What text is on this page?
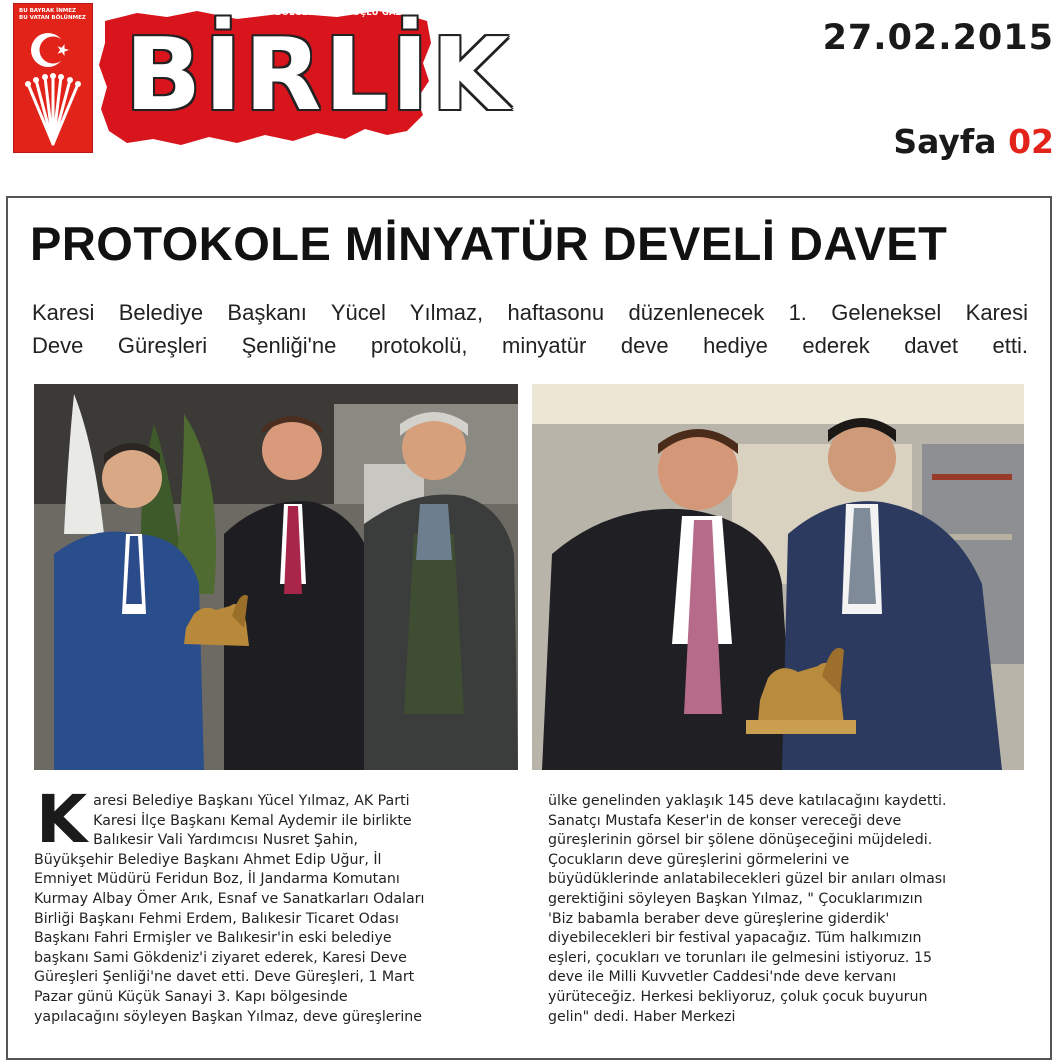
BU BAYRAK İNMEZ
BU VATAN BÖLÜNMEZ	BÖLGENİN EN GÜÇLÜ GAZETESİ
BİRLİK	27.02.2015
Sayfa 02
PROTOKOLE MİNYATÜR DEVELİ DAVET
Karesi Belediye Başkanı Yücel Yılmaz, haftasonu düzenlenecek 1. Geleneksel Karesi
Deve Güreşleri Şenliği'ne protokolü, minyatür deve hediye ederek davet etti.
K aresi Belediye Başkanı Yücel Yılmaz, AK Parti
Karesi İlçe Başkanı Kemal Aydemir ile birlikte
Balıkesir Vali Yardımcısı Nusret Şahin,
Büyükşehir Belediye Başkanı Ahmet Edip Uğur, İl
Emniyet Müdürü Feridun Boz, İl Jandarma Komutanı
Kurmay Albay Ömer Arık, Esnaf ve Sanatkarları Odaları
Birliği Başkanı Fehmi Erdem, Balıkesir Ticaret Odası
Başkanı Fahri Ermişler ve Balıkesir'in eski belediye
başkanı Sami Gökdeniz'i ziyaret ederek, Karesi Deve
Güreşleri Şenliği'ne davet etti. Deve Güreşleri, 1 Mart
Pazar günü Küçük Sanayi 3. Kapı bölgesinde
yapılacağını söyleyen Başkan Yılmaz, deve güreşlerine
ülke genelinden yaklaşık 145 deve katılacağını kaydetti.
Sanatçı Mustafa Keser'in de konser vereceği deve
güreşlerinin görsel bir şölene dönüşeceğini müjdeledi.
Çocukların deve güreşlerini görmelerini ve
büyüdüklerinde anlatabilecekleri güzel bir anıları olması
gerektiğini söyleyen Başkan Yılmaz, " Çocuklarımızın
'Biz babamla beraber deve güreşlerine giderdik'
diyebilecekleri bir festival yapacağız. Tüm halkımızın
eşleri, çocukları ve torunları ile gelmesini istiyoruz. 15
deve ile Milli Kuvvetler Caddesi'nde deve kervanı
yürüteceğiz. Herkesi bekliyoruz, çoluk çocuk buyurun
gelin" dedi. Haber Merkezi
